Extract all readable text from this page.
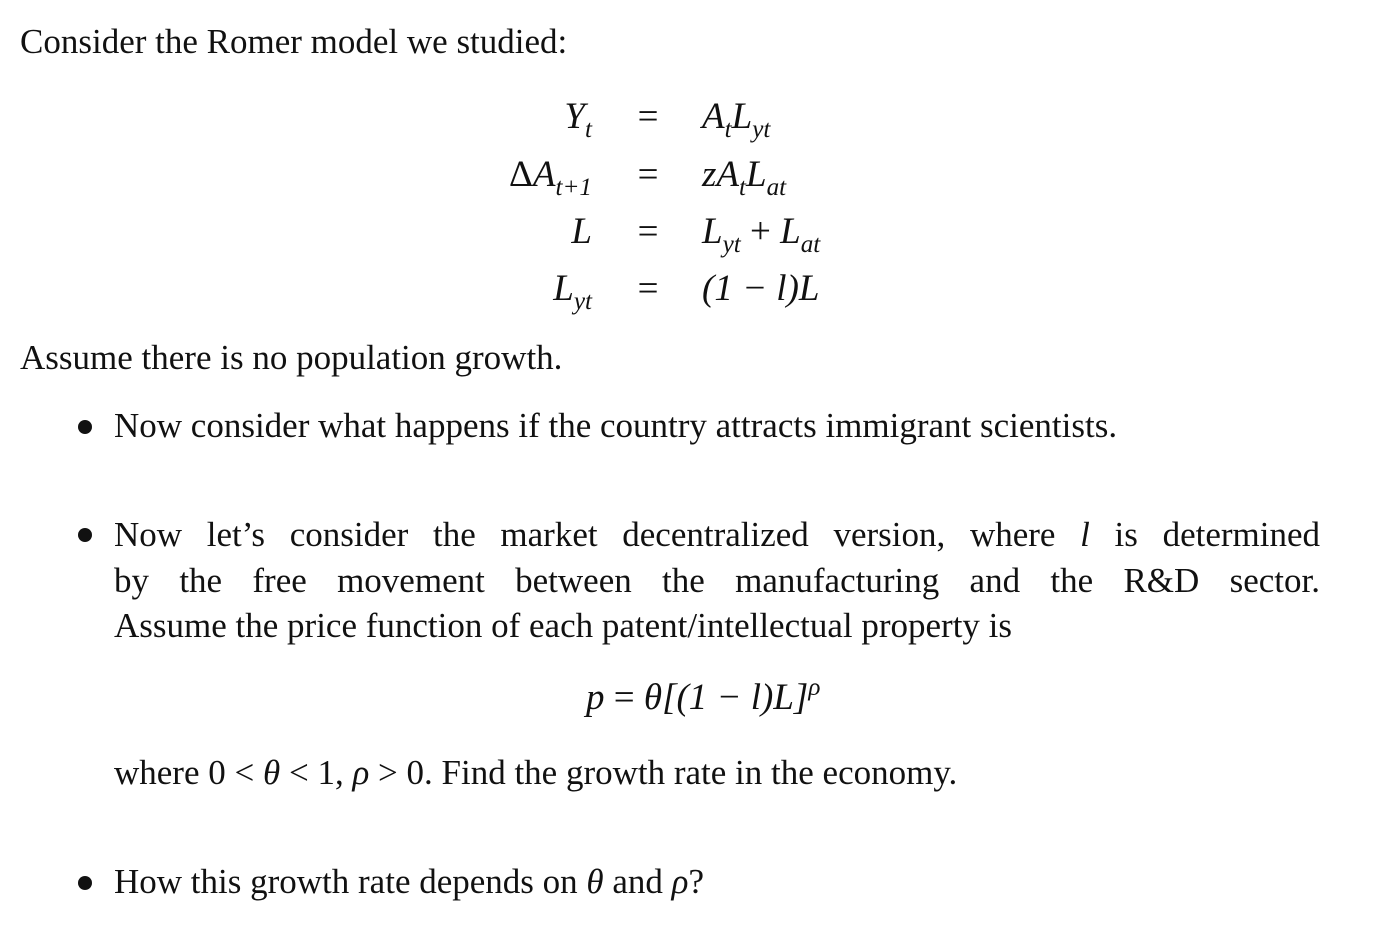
Consider the Romer model we studied:
$Y_t = A_tL_{yt}$
$\Delta A_{t+1} = zA_tL_{at}$
$L = L_{yt} + L_{at}$
$L_{yt} = (1 - l)L$
Assume there is no population growth.
Now consider what happens if the country attracts immigrant scientists.
Now let’s consider the market decentralized version, where l is determined
by the free movement between the manufacturing and the R&D sector.
Assume the price function of each patent/intellectual property is
$p = \theta[(1 - l)L]^\rho$
where 0 < θ < 1, ρ > 0. Find the growth rate in the economy.
How this growth rate depends on θ and ρ?
